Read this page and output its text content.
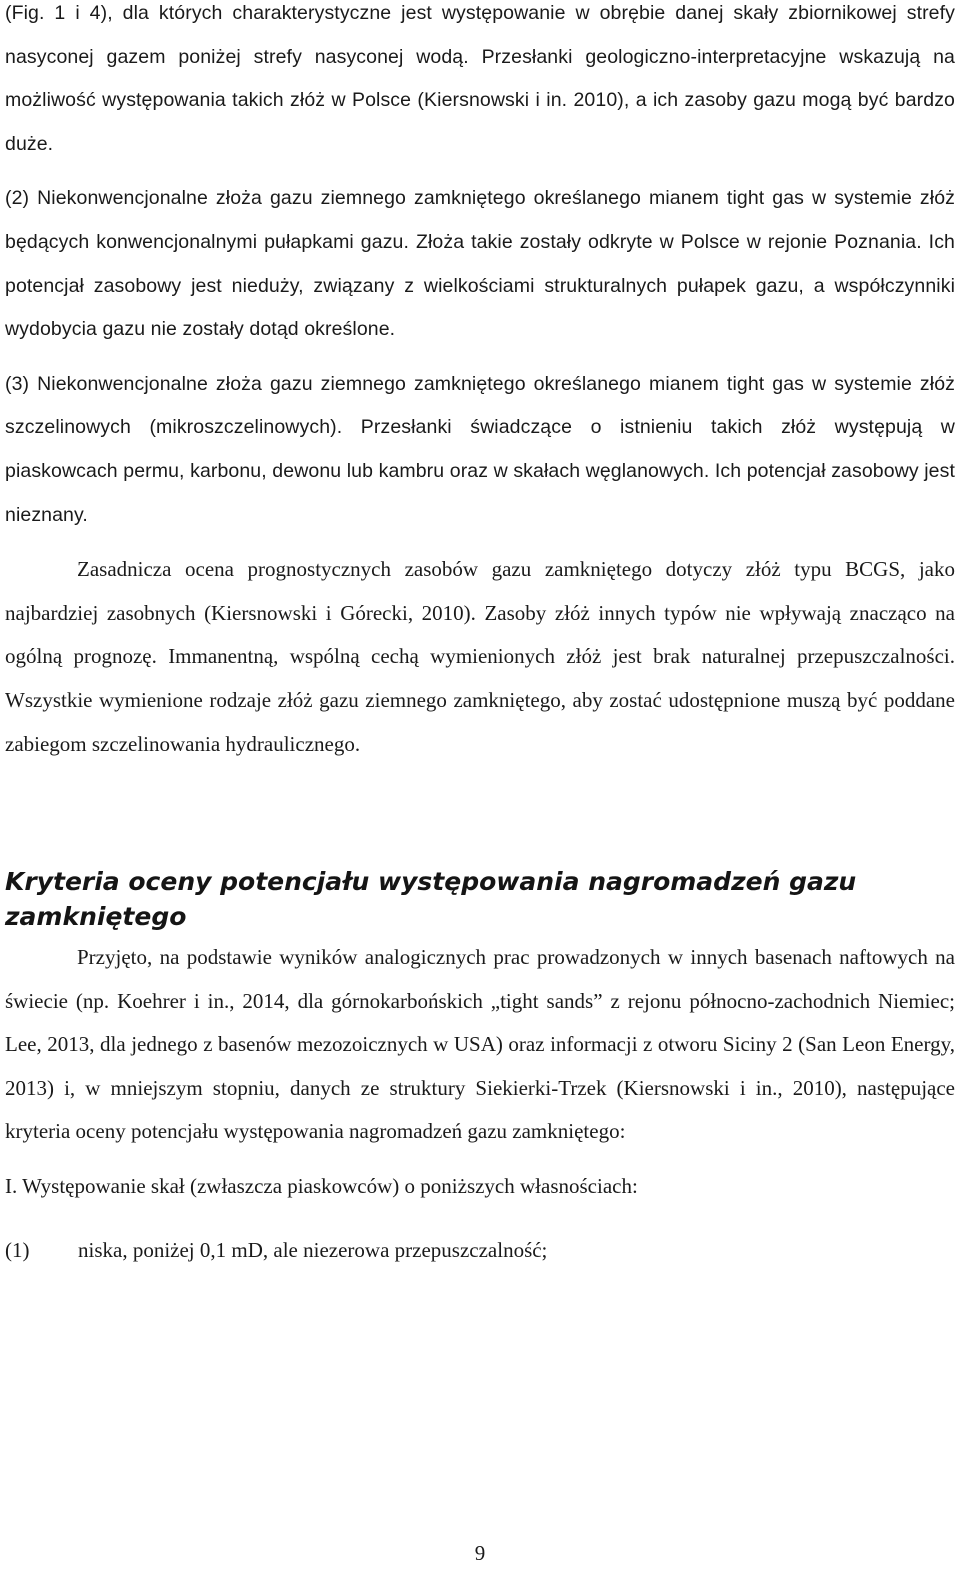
(Fig. 1 i 4), dla których charakterystyczne jest występowanie w obrębie danej skały zbiornikowej strefy nasyconej gazem poniżej strefy nasyconej wodą. Przesłanki geologiczno-interpretacyjne wskazują na możliwość występowania takich złóż w Polsce (Kiersnowski i in. 2010), a ich zasoby gazu mogą być bardzo duże.

(2) Niekonwencjonalne złoża gazu ziemnego zamkniętego określanego mianem tight gas w systemie złóż będących konwencjonalnymi pułapkami gazu. Złoża takie zostały odkryte w Polsce w rejonie Poznania. Ich potencjał zasobowy jest nieduży, związany z wielkościami strukturalnych pułapek gazu, a współczynniki wydobycia gazu nie zostały dotąd określone.

(3) Niekonwencjonalne złoża gazu ziemnego zamkniętego określanego mianem tight gas w systemie złóż szczelinowych (mikroszczelinowych). Przesłanki świadczące o istnieniu takich złóż występują w piaskowcach permu, karbonu, dewonu lub kambru oraz w skałach węglanowych. Ich potencjał zasobowy jest nieznany.

Zasadnicza ocena prognostycznych zasobów gazu zamkniętego dotyczy złóż typu BCGS, jako najbardziej zasobnych (Kiersnowski i Górecki, 2010). Zasoby złóż innych typów nie wpływają znacząco na ogólną prognozę. Immanentną, wspólną cechą wymienionych złóż jest brak naturalnej przepuszczalności. Wszystkie wymienione rodzaje złóż gazu ziemnego zamkniętego, aby zostać udostępnione muszą być poddane zabiegom szczelinowania hydraulicznego.

Kryteria oceny potencjału występowania nagromadzeń gazu zamkniętego

Przyjęto, na podstawie wyników analogicznych prac prowadzonych w innych basenach naftowych na świecie (np. Koehrer i in., 2014, dla górnokarbońskich „tight sands” z rejonu północno-zachodnich Niemiec; Lee, 2013, dla jednego z basenów mezozoicznych w USA) oraz informacji z otworu Siciny 2 (San Leon Energy, 2013) i, w mniejszym stopniu, danych ze struktury Siekierki-Trzek (Kiersnowski i in., 2010), następujące kryteria oceny potencjału występowania nagromadzeń gazu zamkniętego:

I. Występowanie skał (zwłaszcza piaskowców) o poniższych własnościach:

(1)	niska, poniżej 0,1 mD, ale niezerowa przepuszczalność;
9
